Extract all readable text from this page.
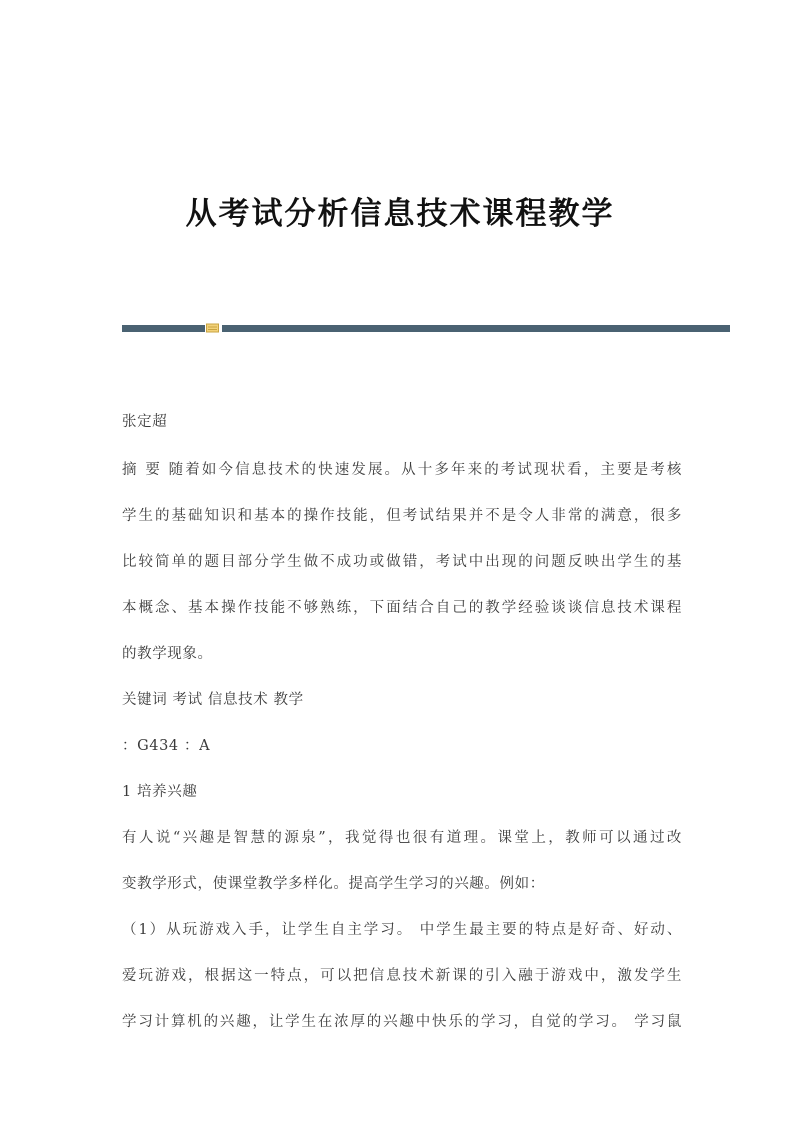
从考试分析信息技术课程教学

张定超

摘 要 随着如今信息技术的快速发展。从十多年来的考试现状看，主要是考核

学生的基础知识和基本的操作技能，但考试结果并不是令人非常的满意，很多

比较简单的题目部分学生做不成功或做错，考试中出现的问题反映出学生的基

本概念、基本操作技能不够熟练，下面结合自己的教学经验谈谈信息技术课程

的教学现象。

关键词 考试 信息技术 教学

：G434 ：A

1 培养兴趣

有人说“兴趣是智慧的源泉”，我觉得也很有道理。课堂上，教师可以通过改

变教学形式，使课堂教学多样化。提高学生学习的兴趣。例如：

（1）从玩游戏入手，让学生自主学习。 中学生最主要的特点是好奇、好动、

爱玩游戏，根据这一特点，可以把信息技术新课的引入融于游戏中，激发学生

学习计算机的兴趣，让学生在浓厚的兴趣中快乐的学习，自觉的学习。 学习鼠
